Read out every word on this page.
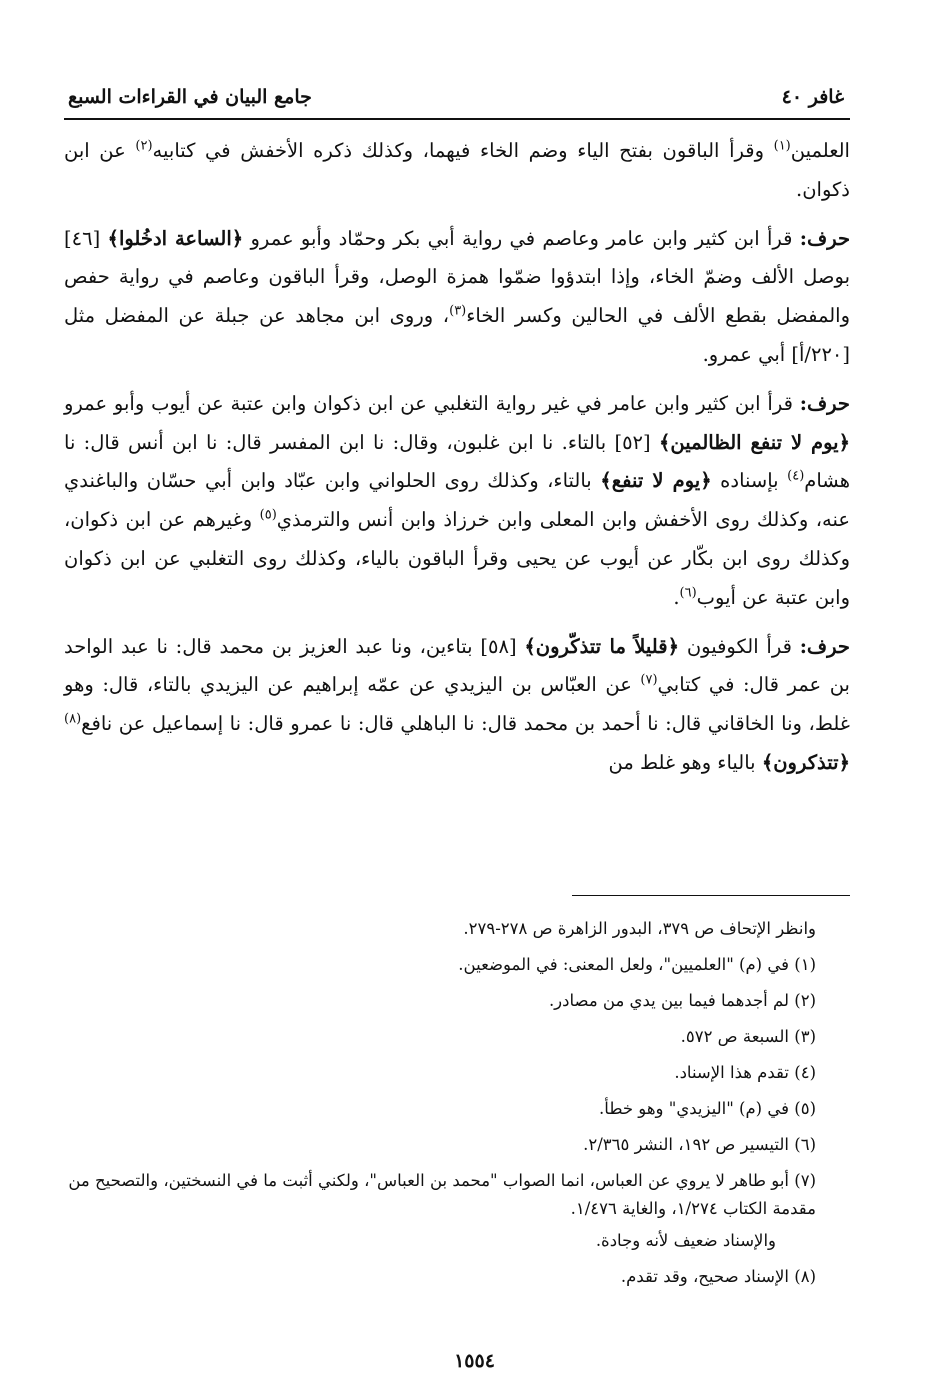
غافر ٤٠
جامع البيان في القراءات السبع

العلمين$^{(١)}$ وقرأ الباقون بفتح الياء وضم الخاء فيهما، وكذلك ذكره الأخفش في كتابيه$^{(٢)}$ عن ابن ذكوان.

حرف: قرأ ابن كثير وابن عامر وعاصم في رواية أبي بكر وحمّاد وأبو عمرو ﴿الساعة ادخُلوا﴾ [٤٦] بوصل الألف وضمّ الخاء، وإذا ابتدؤوا ضمّوا همزة الوصل، وقرأ الباقون وعاصم في رواية حفص والمفضل بقطع الألف في الحالين وكسر الخاء$^{(٣)}$، وروى ابن مجاهد عن جبلة عن المفضل مثل [٢٢٠/أ] أبي عمرو.

حرف: قرأ ابن كثير وابن عامر في غير رواية التغلبي عن ابن ذكوان وابن عتبة عن أيوب وأبو عمرو ﴿يوم لا تنفع الظالمين﴾ [٥٢] بالتاء. نا ابن غلبون، وقال: نا ابن المفسر قال: نا ابن أنس قال: نا هشام$^{(٤)}$ بإسناده ﴿يوم لا تنفع﴾ بالتاء، وكذلك روى الحلواني وابن عبّاد وابن أبي حسّان والباغندي عنه، وكذلك روى الأخفش وابن المعلى وابن خرزاذ وابن أنس والترمذي$^{(٥)}$ وغيرهم عن ابن ذكوان، وكذلك روى ابن بكّار عن أيوب عن يحيى وقرأ الباقون بالياء، وكذلك روى التغلبي عن ابن ذكوان وابن عتبة عن أيوب$^{(٦)}$.

حرف: قرأ الكوفيون ﴿قليلاً ما تتذكّرون﴾ [٥٨] بتاءين، ونا عبد العزيز بن محمد قال: نا عبد الواحد بن عمر قال: في كتابي$^{(٧)}$ عن العبّاس بن اليزيدي عن عمّه إبراهيم عن اليزيدي بالتاء، قال: وهو غلط، ونا الخاقاني قال: نا أحمد بن محمد قال: نا الباهلي قال: نا عمرو قال: نا إسماعيل عن نافع$^{(٨)}$ ﴿تتذكرون﴾ بالياء وهو غلط من

وانظر الإتحاف ص ٣٧٩، البدور الزاهرة ص ٢٧٨-٢٧٩.

(١) في (م) "العلميين"، ولعل المعنى: في الموضعين.

(٢) لم أجدهما فيما بين يدي من مصادر.

(٣) السبعة ص ٥٧٢.

(٤) تقدم هذا الإسناد.

(٥) في (م) "اليزيدي" وهو خطأ.

(٦) التيسير ص ١٩٢، النشر ٢/٣٦٥.

(٧) أبو طاهر لا يروي عن العباس، انما الصواب "محمد بن العباس"، ولكني أثبت ما في النسختين، والتصحيح من مقدمة الكتاب ١/٢٧٤، والغاية ١/٤٧٦.

والإسناد ضعيف لأنه وجادة.

(٨) الإسناد صحيح، وقد تقدم.

١٥٥٤
